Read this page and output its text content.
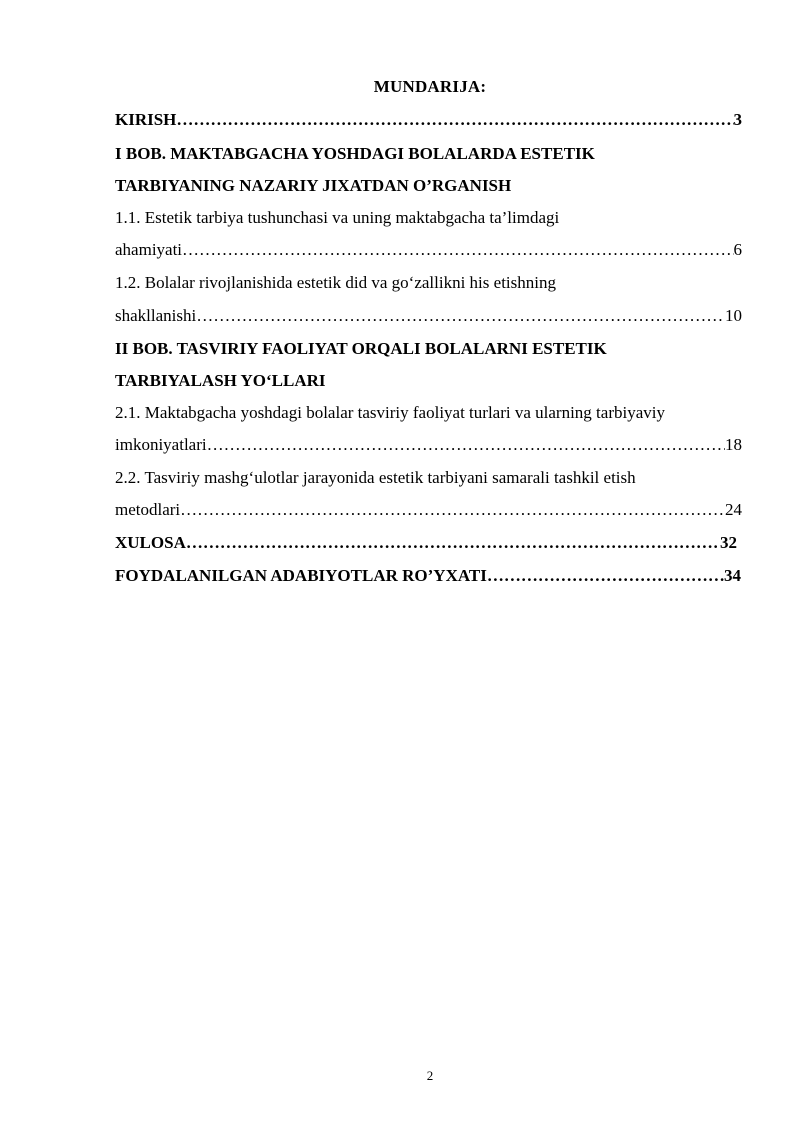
MUNDARIJA:
KIRISH ………………………………………………………………………………………………………………………………………………………………………………	3
I BOB. MAKTABGACHA YOSHDAGI BOLALARDA ESTETIK
TARBIYANING NAZARIY JIXATDAN O’RGANISH
1.1. Estetik tarbiya tushunchasi va uning maktabgacha ta’limdagi
ahamiyati ………………………………………………………………………………………………………………………………………………………………………………	6
1.2. Bolalar rivojlanishida estetik did va go‘zallikni his etishning
shakllanishi ………………………………………………………………………………………………………………………………………………………………………………	10
II BOB. TASVIRIY FAOLIYAT ORQALI BOLALARNI ESTETIK
TARBIYALASH YO‘LLARI
2.1. Maktabgacha yoshdagi bolalar tasviriy faoliyat turlari va ularning tarbiyaviy
imkoniyatlari ………………………………………………………………………………………………………………………………………………………………………………	18
2.2. Tasviriy mashg‘ulotlar jarayonida estetik tarbiyani samarali tashkil etish
metodlari ………………………………………………………………………………………………………………………………………………………………………………	24
XULOSA ………………………………………………………………………………………………………………………………………………………………………………	32
FOYDALANILGAN ADABIYOTLAR RO’YXATI ………………………………………………………………………………………………………………………………………………………………………………	34
2
